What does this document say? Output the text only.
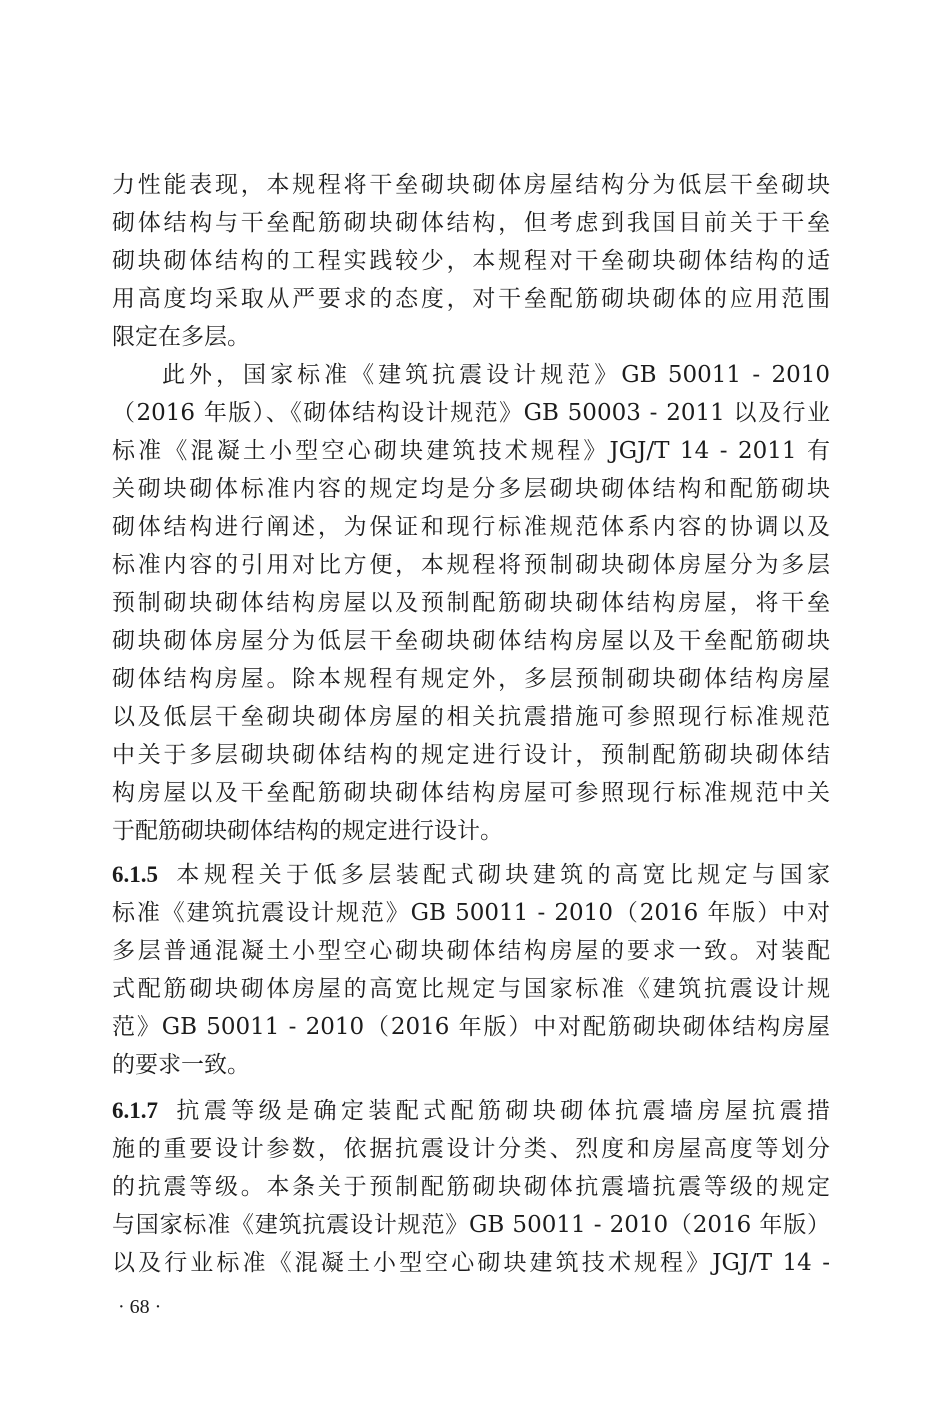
力性能表现，本规程将干垒砌块砌体房屋结构分为低层干垒砌块
砌体结构与干垒配筋砌块砌体结构，但考虑到我国目前关于干垒
砌块砌体结构的工程实践较少，本规程对干垒砌块砌体结构的适
用高度均采取从严要求的态度，对干垒配筋砌块砌体的应用范围
限定在多层。
此外，国家标准《建筑抗震设计规范》GB 50011 - 2010
（2016 年版）、《砌体结构设计规范》GB 50003 - 2011 以及行业
标准《混凝土小型空心砌块建筑技术规程》JGJ/T 14 - 2011 有
关砌块砌体标准内容的规定均是分多层砌块砌体结构和配筋砌块
砌体结构进行阐述，为保证和现行标准规范体系内容的协调以及
标准内容的引用对比方便，本规程将预制砌块砌体房屋分为多层
预制砌块砌体结构房屋以及预制配筋砌块砌体结构房屋，将干垒
砌块砌体房屋分为低层干垒砌块砌体结构房屋以及干垒配筋砌块
砌体结构房屋。除本规程有规定外，多层预制砌块砌体结构房屋
以及低层干垒砌块砌体房屋的相关抗震措施可参照现行标准规范
中关于多层砌块砌体结构的规定进行设计，预制配筋砌块砌体结
构房屋以及干垒配筋砌块砌体结构房屋可参照现行标准规范中关
于配筋砌块砌体结构的规定进行设计。
6.1.5 本规程关于低多层装配式砌块建筑的高宽比规定与国家
标准《建筑抗震设计规范》GB 50011 - 2010（2016 年版）中对
多层普通混凝土小型空心砌块砌体结构房屋的要求一致。对装配
式配筋砌块砌体房屋的高宽比规定与国家标准《建筑抗震设计规
范》GB 50011 - 2010（2016 年版）中对配筋砌块砌体结构房屋
的要求一致。
6.1.7 抗震等级是确定装配式配筋砌块砌体抗震墙房屋抗震措
施的重要设计参数，依据抗震设计分类、烈度和房屋高度等划分
的抗震等级。本条关于预制配筋砌块砌体抗震墙抗震等级的规定
与国家标准《建筑抗震设计规范》GB 50011 - 2010（2016 年版）
以及行业标准《混凝土小型空心砌块建筑技术规程》JGJ/T 14 -
· 68 ·
